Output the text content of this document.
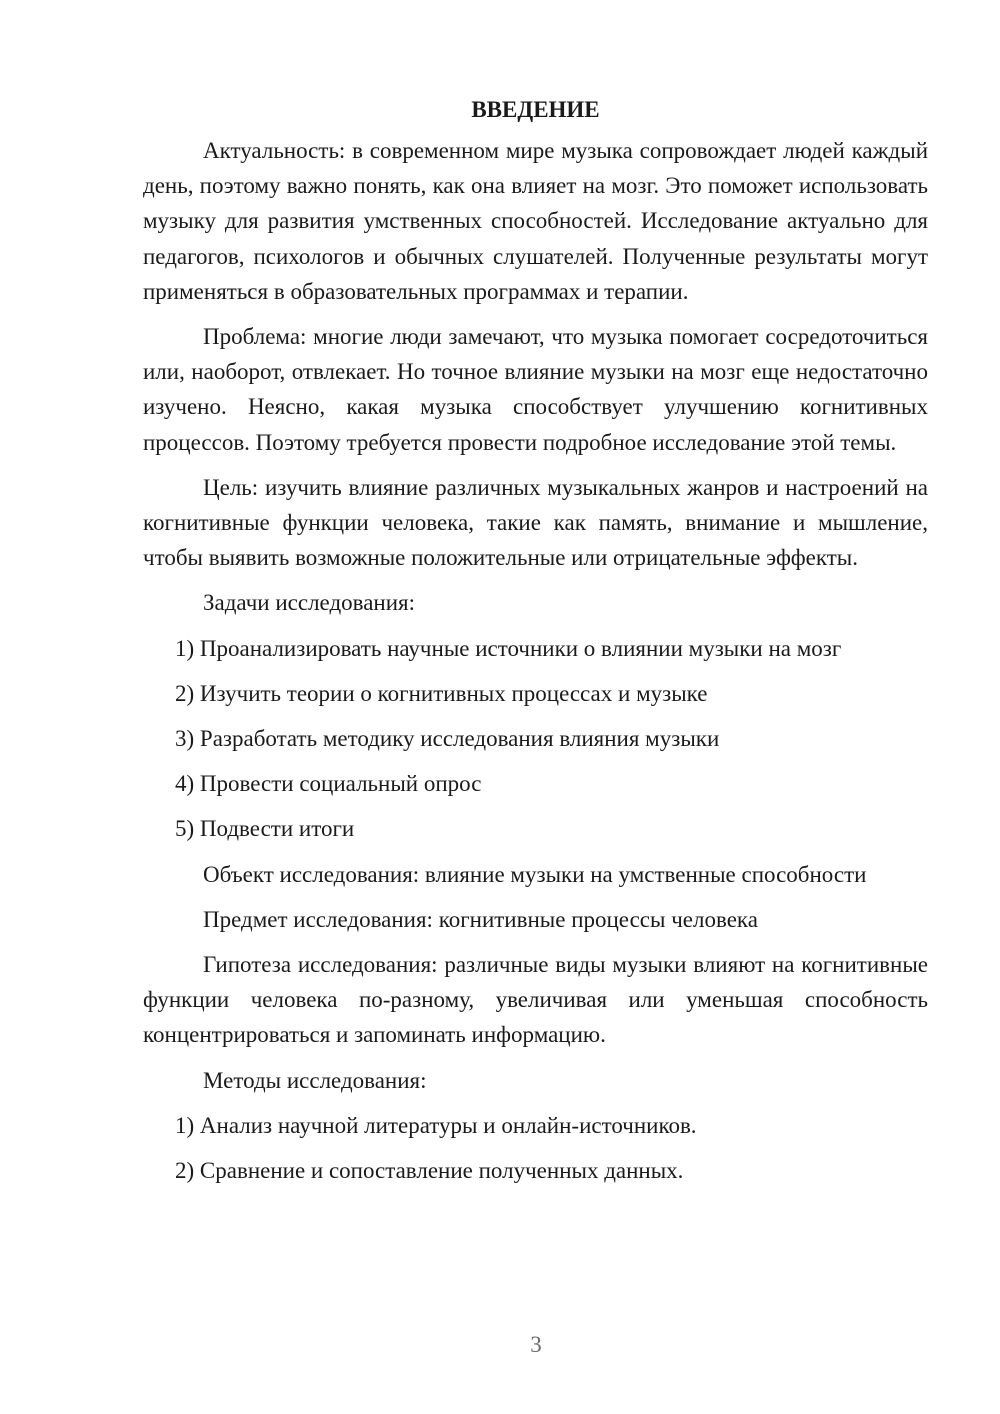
ВВЕДЕНИЕ

Актуальность: в современном мире музыка сопровождает людей каждый день, поэтому важно понять, как она влияет на мозг. Это поможет использовать музыку для развития умственных способностей. Исследование актуально для педагогов, психологов и обычных слушателей. Полученные результаты могут применяться в образовательных программах и терапии.

Проблема: многие люди замечают, что музыка помогает сосредоточиться или, наоборот, отвлекает. Но точное влияние музыки на мозг еще недостаточно изучено. Неясно, какая музыка способствует улучшению когнитивных процессов. Поэтому требуется провести подробное исследование этой темы.

Цель: изучить влияние различных музыкальных жанров и настроений на когнитивные функции человека, такие как память, внимание и мышление, чтобы выявить возможные положительные или отрицательные эффекты.

Задачи исследования:

1) Проанализировать научные источники о влиянии музыки на мозг

2) Изучить теории о когнитивных процессах и музыке

3) Разработать методику исследования влияния музыки

4) Провести социальный опрос

5) Подвести итоги

Объект исследования: влияние музыки на умственные способности

Предмет исследования: когнитивные процессы человека

Гипотеза исследования: различные виды музыки влияют на когнитивные функции человека по-разному, увеличивая или уменьшая способность концентрироваться и запоминать информацию.

Методы исследования:

1) Анализ научной литературы и онлайн-источников.

2) Сравнение и сопоставление полученных данных.

3
